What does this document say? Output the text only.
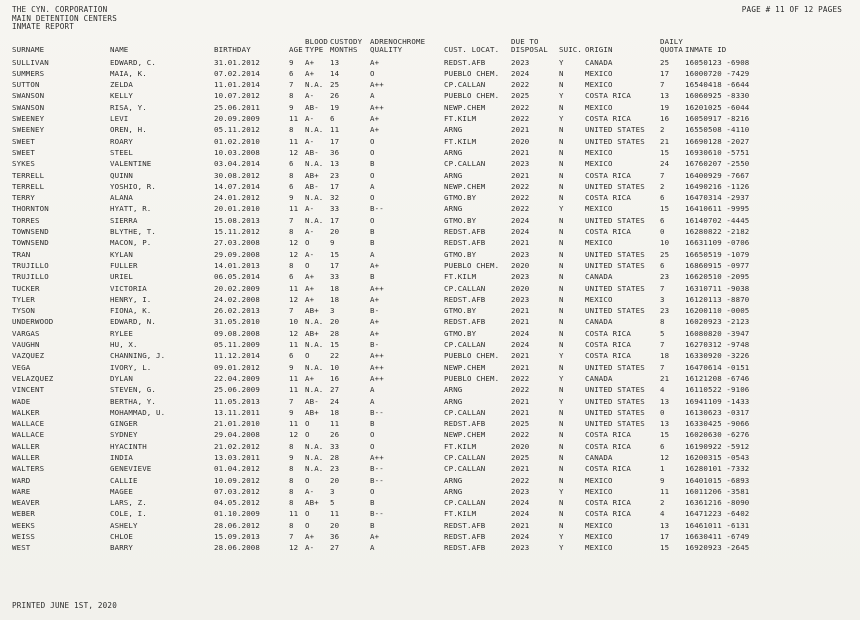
THE CYN. CORPORATION
MAIN DETENTION CENTERS
INMATE REPORT
PAGE # 11 OF 12 PAGES

SURNAME	NAME	BIRTHDAY	AGE	BLOOD
TYPE	CUSTODY
MONTHS	ADRENOCHROME
QUALITY	CUST. LOCAT.	DUE TO
DISPOSAL	SUIC.	ORIGIN	DAILY
QUOTA	INMATE ID
SULLIVAN	EDWARD, C.	31.01.2012	9	A+	13	A+	REDST.AFB	2023	Y	CANADA	25	16050123 -6908
SUMMERS	MAIA, K.	07.02.2014	6	A+	14	O	PUEBLO CHEM.	2024	N	MEXICO	17	16000720 -7429
SUTTON	ZELDA	11.01.2014	7	N.A.	25	A++	CP.CALLAN	2022	N	MEXICO	7	16540418 -6644
SWANSON	KELLY	10.07.2012	8	A-	26	A	PUEBLO CHEM.	2025	Y	COSTA RICA	13	16060925 -8330
SWANSON	RISA, Y.	25.06.2011	9	AB-	19	A++	NEWP.CHEM	2022	N	MEXICO	19	16201025 -6044
SWEENEY	LEVI	20.09.2009	11	A-	6	A+	FT.KILM	2022	Y	COSTA RICA	16	16050917 -8216
SWEENEY	OREN, H.	05.11.2012	8	N.A.	11	A+	ARNG	2021	N	UNITED STATES	2	16550508 -4110
SWEET	ROARY	01.02.2010	11	A-	17	O	FT.KILM	2020	N	UNITED STATES	21	16690128 -2027
SWEET	STEEL	10.03.2008	12	AB-	36	O	ARNG	2021	N	MEXICO	15	16930610 -5751
SYKES	VALENTINE	03.04.2014	6	N.A.	13	B	CP.CALLAN	2023	N	MEXICO	24	16760207 -2550
TERRELL	QUINN	30.08.2012	8	AB+	23	O	ARNG	2021	N	COSTA RICA	7	16400929 -7667
TERRELL	YOSHIO, R.	14.07.2014	6	AB-	17	A	NEWP.CHEM	2022	N	UNITED STATES	2	16490216 -1126
TERRY	ALANA	24.01.2012	9	N.A.	32	O	GTMO.BY	2022	N	COSTA RICA	6	16470314 -2937
THORNTON	HYATT, R.	20.01.2010	11	A-	33	B--	ARNG	2022	Y	MEXICO	15	16410611 -9995
TORRES	SIERRA	15.08.2013	7	N.A.	17	O	GTMO.BY	2024	N	UNITED STATES	6	16140702 -4445
TOWNSEND	BLYTHE, T.	15.11.2012	8	A-	20	B	REDST.AFB	2024	N	COSTA RICA	0	16280822 -2182
TOWNSEND	MACON, P.	27.03.2008	12	O	9	B	REDST.AFB	2021	N	MEXICO	10	16631109 -0706
TRAN	KYLAN	29.09.2008	12	A-	15	A	GTMO.BY	2023	N	UNITED STATES	25	16650519 -1079
TRUJILLO	FULLER	14.01.2013	8	O	17	A+	PUEBLO CHEM.	2020	N	UNITED STATES	6	16860915 -0977
TRUJILLO	URIEL	06.05.2014	6	A+	33	B	FT.KILM	2023	N	CANADA	23	16620510 -2095
TUCKER	VICTORIA	20.02.2009	11	A+	18	A++	CP.CALLAN	2020	N	UNITED STATES	7	16310711 -9038
TYLER	HENRY, I.	24.02.2008	12	A+	18	A+	REDST.AFB	2023	N	MEXICO	3	16120113 -8870
TYSON	FIONA, K.	26.02.2013	7	AB+	3	B-	GTMO.BY	2021	N	UNITED STATES	23	16200110 -0005
UNDERWOOD	EDWARD, N.	31.05.2010	10	N.A.	20	A+	REDST.AFB	2021	N	CANADA	8	16020923 -2123
VARGAS	RYLEE	09.08.2008	12	AB+	28	A+	GTMO.BY	2024	N	COSTA RICA	5	16080820 -3947
VAUGHN	HU, X.	05.11.2009	11	N.A.	15	B-	CP.CALLAN	2024	N	COSTA RICA	7	16270312 -9748
VAZQUEZ	CHANNING, J.	11.12.2014	6	O	22	A++	PUEBLO CHEM.	2021	Y	COSTA RICA	18	16330920 -3226
VEGA	IVORY, L.	09.01.2012	9	N.A.	10	A++	NEWP.CHEM	2021	N	UNITED STATES	7	16470614 -0151
VELAZQUEZ	DYLAN	22.04.2009	11	A+	16	A++	PUEBLO CHEM.	2022	Y	CANADA	21	16121208 -6746
VINCENT	STEVEN, G.	25.06.2009	11	N.A.	27	A	ARNG	2022	N	UNITED STATES	4	16110522 -9106
WADE	BERTHA, Y.	11.05.2013	7	AB-	24	A	ARNG	2021	Y	UNITED STATES	13	16941109 -1433
WALKER	MOHAMMAD, U.	13.11.2011	9	AB+	18	B--	CP.CALLAN	2021	N	UNITED STATES	0	16130623 -0317
WALLACE	GINGER	21.01.2010	11	O	11	B	REDST.AFB	2025	N	UNITED STATES	13	16330425 -9066
WALLACE	SYDNEY	29.04.2008	12	O	26	O	NEWP.CHEM	2022	N	COSTA RICA	15	16020630 -6276
WALLER	HYACINTH	21.02.2012	8	N.A.	33	O	FT.KILM	2020	N	COSTA RICA	6	16190922 -5912
WALLER	INDIA	13.03.2011	9	N.A.	28	A++	CP.CALLAN	2025	N	CANADA	12	16200315 -0543
WALTERS	GENEVIEVE	01.04.2012	8	N.A.	23	B--	CP.CALLAN	2021	N	COSTA RICA	1	16280101 -7332
WARD	CALLIE	10.09.2012	8	O	20	B--	ARNG	2022	N	MEXICO	9	16401015 -6893
WARE	MAGEE	07.03.2012	8	A-	3	O	ARNG	2023	Y	MEXICO	11	16011206 -3581
WEAVER	LARS, Z.	04.05.2012	8	AB+	5	B	CP.CALLAN	2024	N	COSTA RICA	2	16361216 -8090
WEBER	COLE, I.	01.10.2009	11	O	11	B--	FT.KILM	2024	N	COSTA RICA	4	16471223 -6402
WEEKS	ASHELY	28.06.2012	8	O	20	B	REDST.AFB	2021	N	MEXICO	13	16461011 -6131
WEISS	CHLOE	15.09.2013	7	A+	36	A+	REDST.AFB	2024	Y	MEXICO	17	16630411 -6749
WEST	BARRY	28.06.2008	12	A-	27	A	REDST.AFB	2023	Y	MEXICO	15	16920923 -2645
PRINTED JUNE 1ST, 2020
